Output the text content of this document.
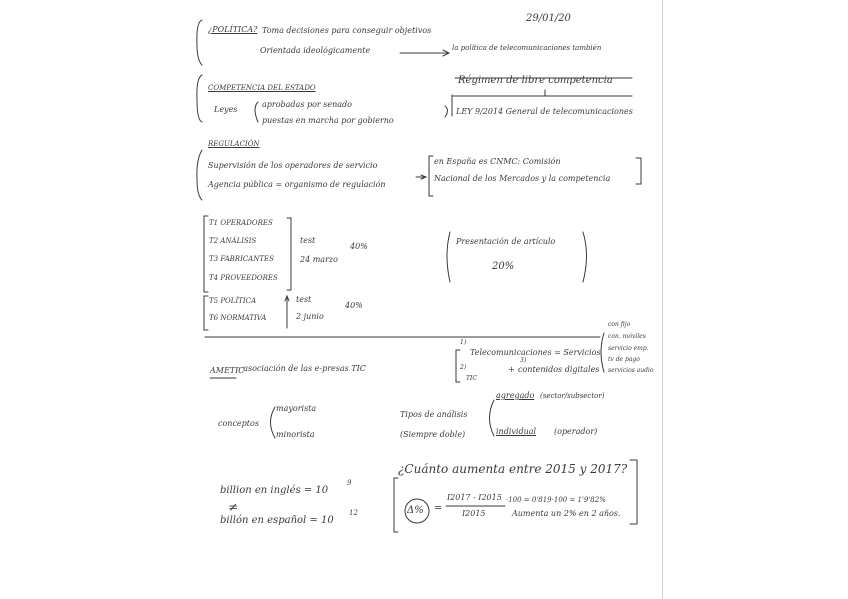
29/01/20
¿POLÍTICA? Toma decisiones para conseguir objetivos
Orientada ideológicamente	la política de telecomunicaciones también
Régimen de libre competencia
COMPETENCIA DEL ESTADO
Leyes
aprobadas por senado
puestas en marcha por gobierno
LEY 9/2014 General de telecomunicaciones
REGULACIÓN
Supervisión de los operadores de servicio
Agencia pública = organismo de regulación
en España es CNMC: Comisión
Nacional de los Mercados y la competencia
T1 OPERADORES
T2 ANÁLISIS
T3 FABRICANTES
T4 PROVEEDORES
test
24 marzo
40%
T5 POLÍTICA
T6 NORMATIVA
test
2 junio
40%
Presentación de artículo
20%
AMETIC
: asociación de las e-presas TIC
1)
2)
TIC
Telecomunicaciones = Servicios
+
3)
contenidos digitales
con fijo
con. móviles
servicio emp.
tv de pago
servicios audio
conceptos
mayorista
minorista
Tipos de análisis
(Siempre doble)
agregado (sector/subsector)
individual (operador)
billion en inglés = 10
9
≠
billón en español = 10
12
¿Cuánto aumenta entre 2015 y 2017?
Δ% =
I2017 - I2015
I2015
·100 = 0'819·100 = 1'9'82%
Aumenta un 2% en 2 años.
